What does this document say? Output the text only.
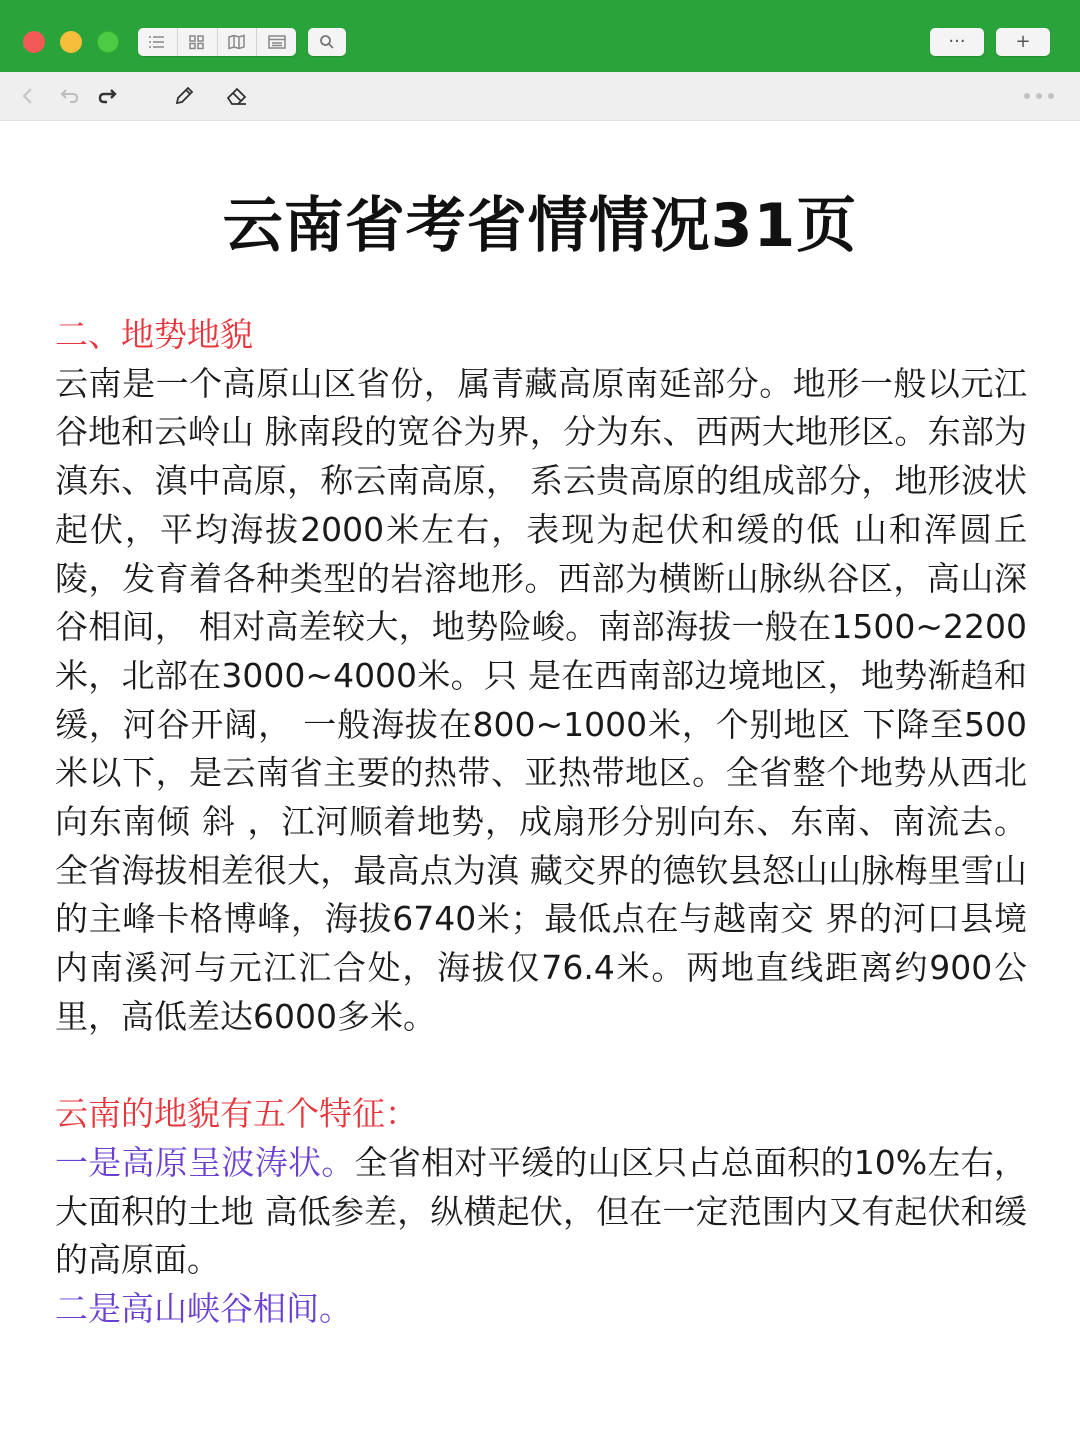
···	+
云南省考省情情况31页

二、地势地貌

云南是一个高原山区省份，属青藏高原南延部分。地形一般以元江谷地和云岭山 脉南段的宽谷为界，分为东、西两大地形区。东部为滇东、滇中高原，称云南高原， 系云贵高原的组成部分，地形波状起伏，平均海拔2000米左右，表现为起伏和缓的低 山和浑圆丘陵，发育着各种类型的岩溶地形。西部为横断山脉纵谷区，高山深谷相间， 相对高差较大，地势险峻。南部海拔一般在1500~2200米，北部在3000~4000米。只 是在西南部边境地区，地势渐趋和缓，河谷开阔， 一般海拔在800~1000米，个别地区 下降至500米以下，是云南省主要的热带、亚热带地区。全省整个地势从西北向东南倾 斜 ，江河顺着地势，成扇形分别向东、东南、南流去。全省海拔相差很大，最高点为滇 藏交界的德钦县怒山山脉梅里雪山的主峰卡格博峰，海拔6740米；最低点在与越南交 界的河口县境内南溪河与元江汇合处，海拔仅76.4米。两地直线距离约900公里，高低差达6000多米。

云南的地貌有五个特征：

一是高原呈波涛状。全省相对平缓的山区只占总面积的10%左右，大面积的土地 高低参差，纵横起伏，但在一定范围内又有起伏和缓的高原面。

二是高山峡谷相间。
